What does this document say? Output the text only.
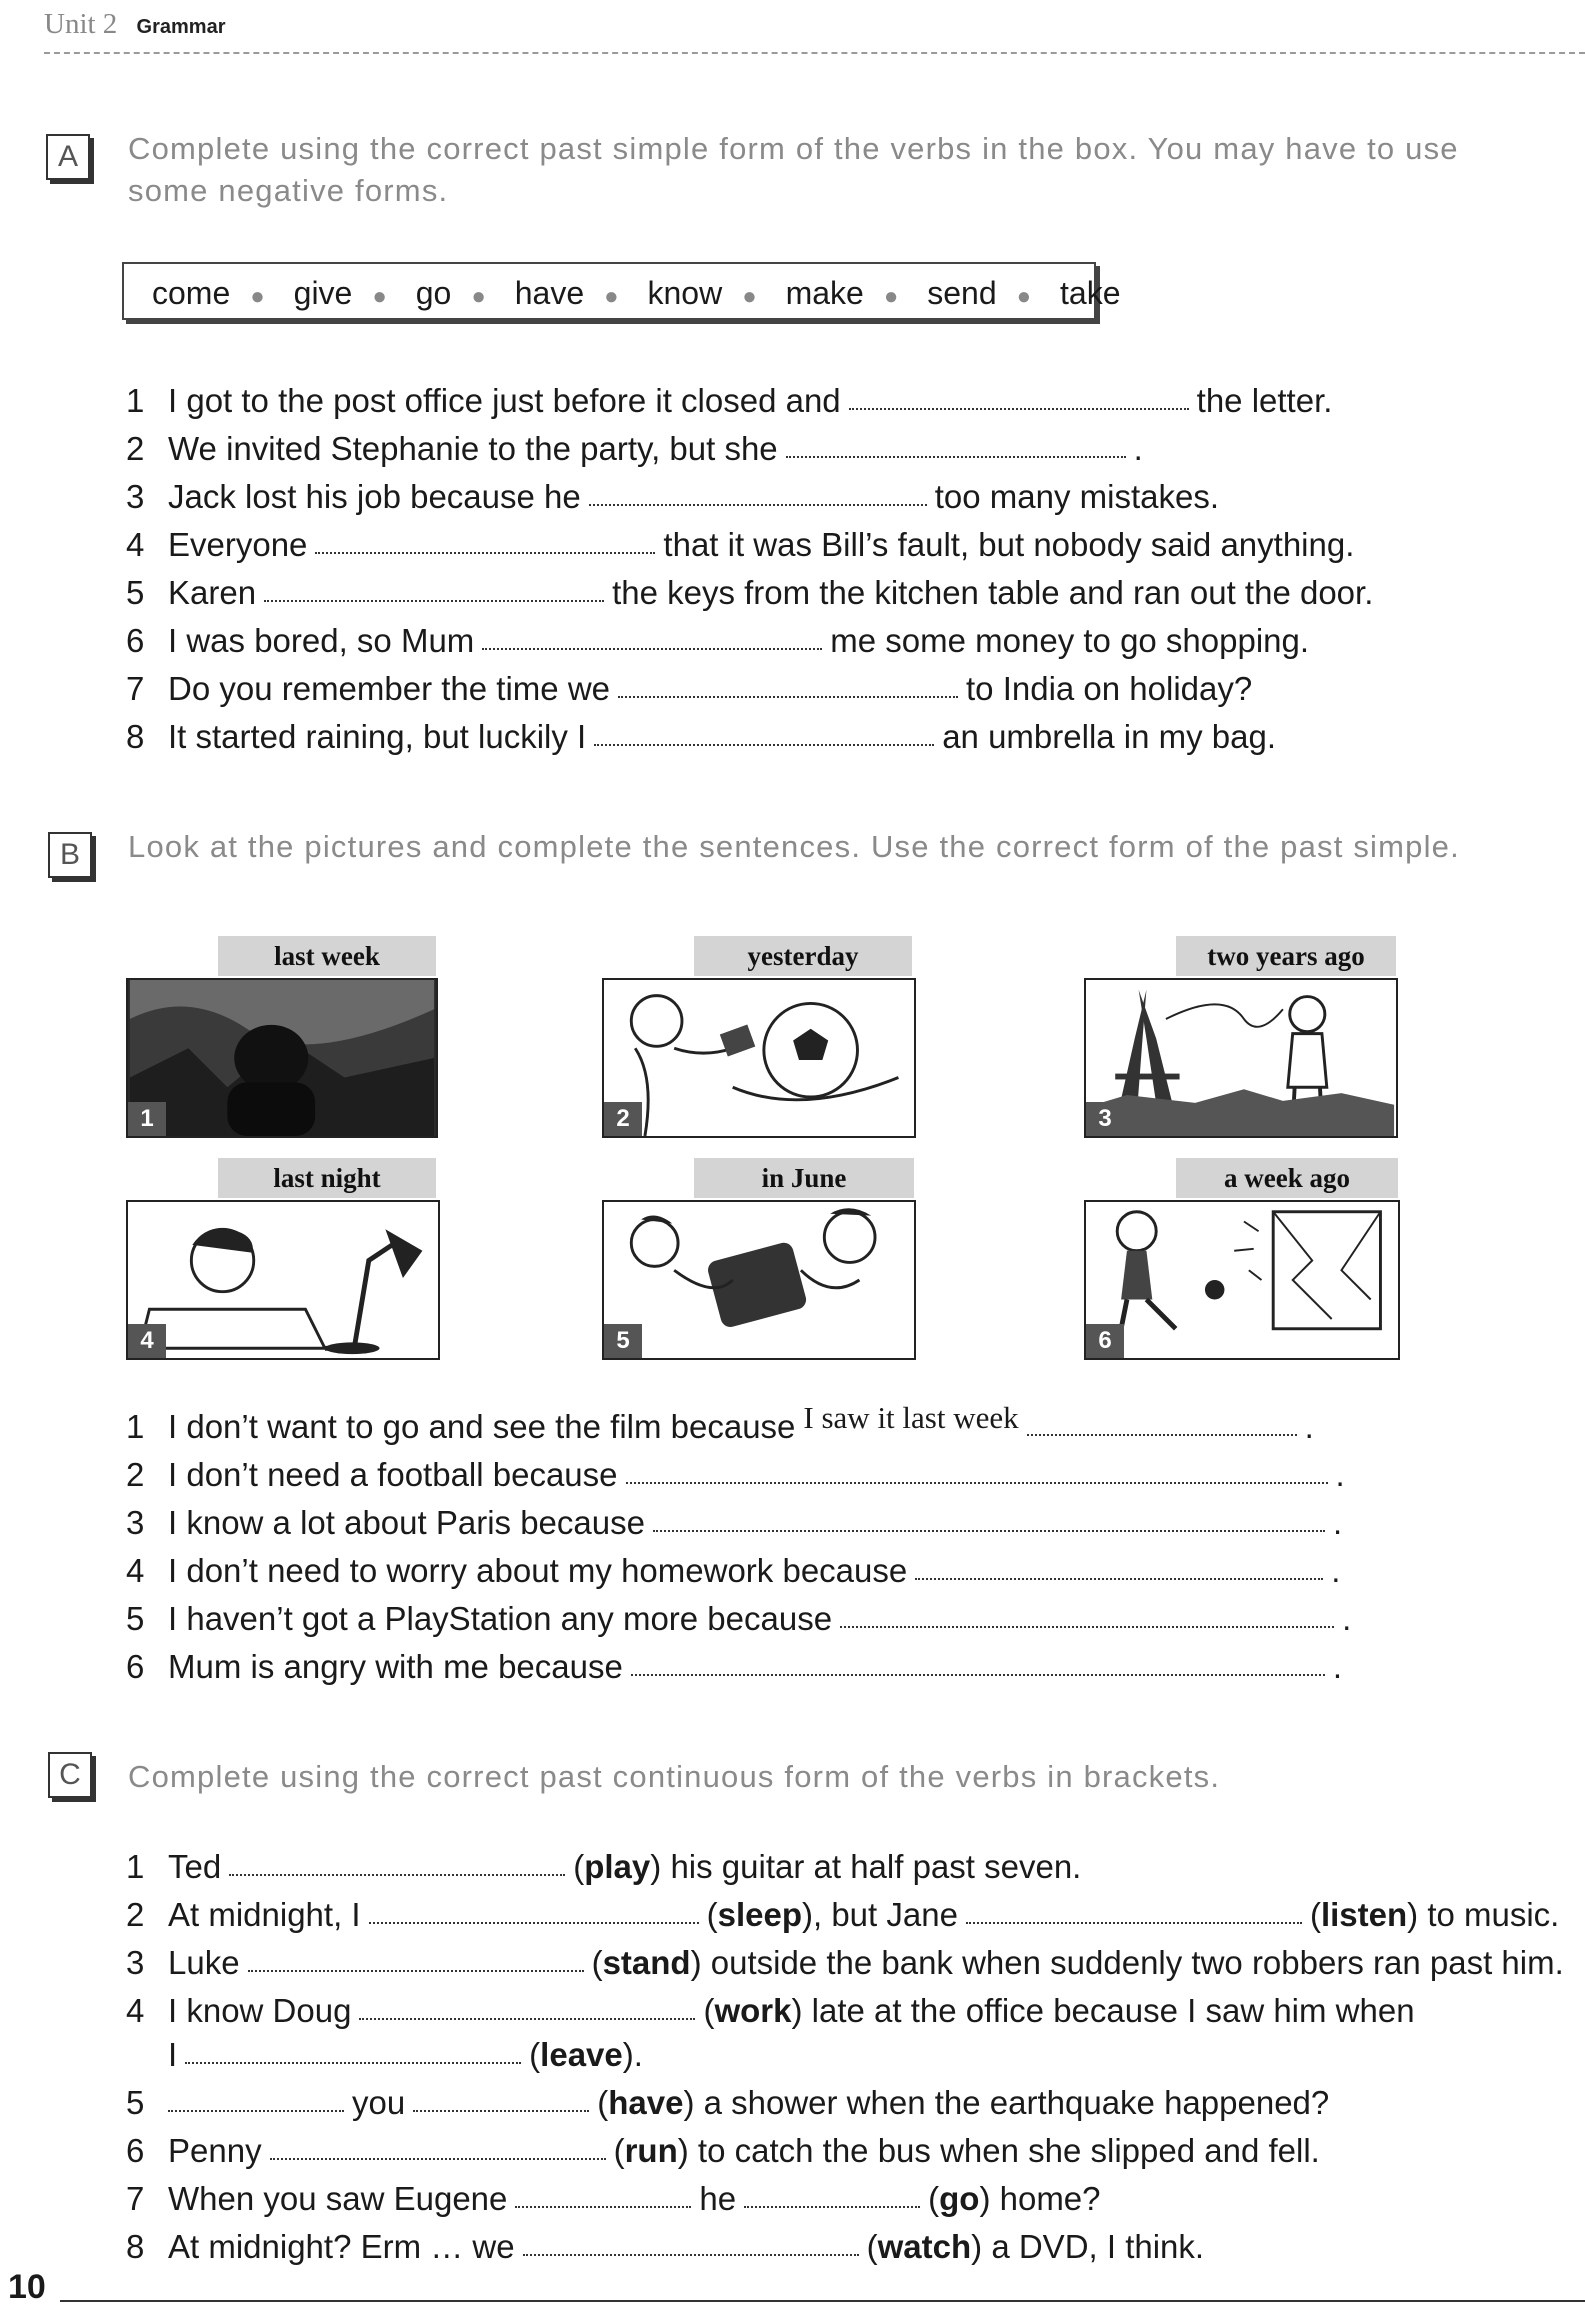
Unit 2 Grammar
A	Complete using the correct past simple form of the verbs in the box. You may have to use some negative forms.
come ● give ● go ● have ● know ● make ● send ● take
1 I got to the post office just before it closed and	the letter.
2 We invited Stephanie to the party, but she	.
3 Jack lost his job because he	too many mistakes.
4 Everyone	that it was Bill’s fault, but nobody said anything.
5 Karen	the keys from the kitchen table and ran out the door.
6 I was bored, so Mum	me some money to go shopping.
7 Do you remember the time we	to India on holiday?
8 It started raining, but luckily I	an umbrella in my bag.
B	Look at the pictures and complete the sentences. Use the correct form of the past simple.
1
last week
2
yesterday
3
two years ago
4
last night
5
in June
6
a week ago
1 I don’t want to go and see the film because I saw it last week	.
2 I don’t need a football because	.
3 I know a lot about Paris because	.
4 I don’t need to worry about my homework because	.
5 I haven’t got a PlayStation any more because	.
6 Mum is angry with me because	.
C	Complete using the correct past continuous form of the verbs in brackets.
1 Ted	(play) his guitar at half past seven.
2 At midnight, I	(sleep), but Jane	(listen) to music.
3 Luke	(stand) outside the bank when suddenly two robbers ran past him.
4 I know Doug	(work) late at the office because I saw him when
I	(leave).
5	you	(have) a shower when the earthquake happened?
6 Penny	(run) to catch the bus when she slipped and fell.
7 When you saw Eugene	he	(go) home?
8 At midnight? Erm … we	(watch) a DVD, I think.
10
